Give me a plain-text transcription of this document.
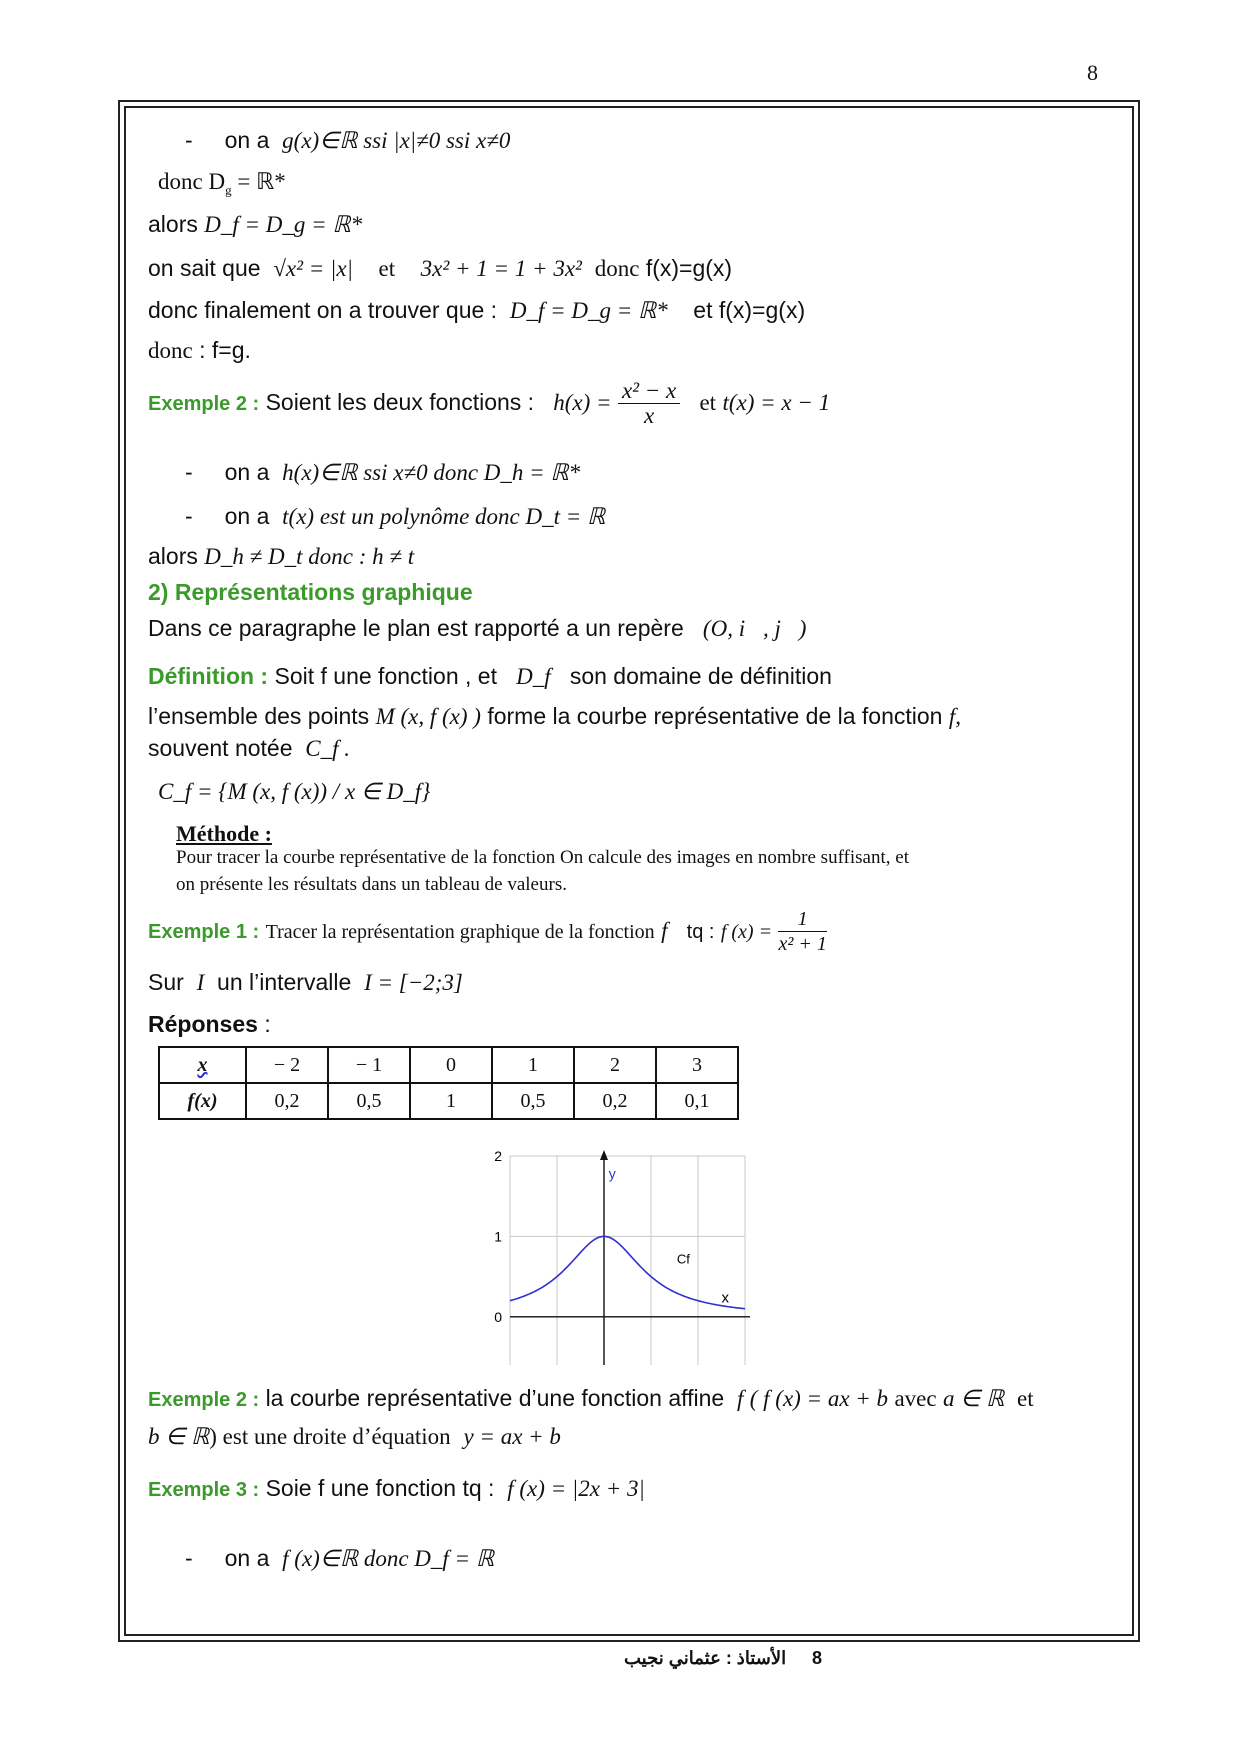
8
- on a g(x)∈ℝ ssi |x|≠0 ssi x≠0
donc $D_g$ = ℝ*
alors D_f = D_g = ℝ*
on sait que √x² = |x| et 3x² + 1 = 1 + 3x² donc f(x)=g(x)
donc finalement on a trouver que : D_f = D_g = ℝ* et f(x)=g(x)
donc : f=g.
Exemple 2 : Soient les deux fonctions : $h(x) = \frac{\text{x² − x}}{x}$ et t(x) = x − 1
- on a h(x)∈ℝ ssi x≠0 donc D_h = ℝ*
- on a t(x) est un polynôme donc D_t = ℝ
alors D_h ≠ D_t donc : h ≠ t
2) Représentations graphique
Dans ce paragraphe le plan est rapporté a un repère (O, i⃗, j⃗)
Définition : Soit f une fonction , et D_f son domaine de définition
l’ensemble des points M (x, f (x) ) forme la courbe représentative de la fonction f,
souvent notée C_f .
C_f = {M (x, f (x)) / x ∈ D_f}
Méthode :
Pour tracer la courbe représentative de la fonction On calcule des images en nombre suffisant, et
on présente les résultats dans un tableau de valeurs.
Exemple 1 : Tracer la représentation graphique de la fonction f tq : f $(x) = \frac{1}{\text{x² + 1}}$
Sur I un l’intervalle I = [−2;3]
Réponses :
x	− 2	− 1	0	1	2	3
f(x)	0,2	0,5	1	0,5	0,2	0,1
0
1
2
Cf
x
y
Exemple 2 : la courbe représentative d’une fonction affine f ( f (x) = ax + b avec a ∈ ℝ et
b ∈ ℝ) est une droite d’équation y = ax + b
Exemple 3 : Soie f une fonction tq : f (x) = |2x + 3|
- on a f (x)∈ℝ donc D_f = ℝ
الأستاذ : عثماني نجيب 8
